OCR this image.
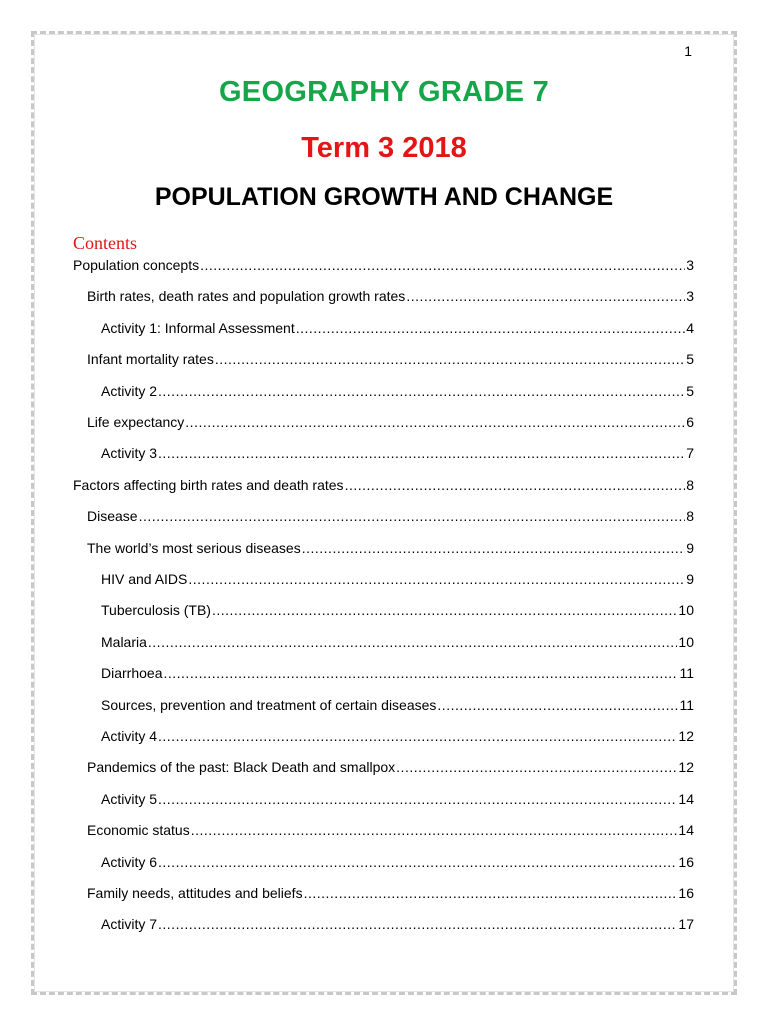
1
GEOGRAPHY GRADE 7
Term 3 2018
POPULATION GROWTH AND CHANGE
Contents
Population concepts .....	3
Birth rates, death rates and population growth rates .....	3
Activity 1: Informal Assessment .....	4
Infant mortality rates .....	5
Activity 2 .....	5
Life expectancy .....	6
Activity 3 .....	7
Factors affecting birth rates and death rates .....	8
Disease .....	8
The world’s most serious diseases .....	9
HIV and AIDS .....	9
Tuberculosis (TB) .....	10
Malaria .....	10
Diarrhoea .....	11
Sources, prevention and treatment of certain diseases .....	11
Activity 4 .....	12
Pandemics of the past: Black Death and smallpox .....	12
Activity 5 .....	14
Economic status .....	14
Activity 6 .....	16
Family needs, attitudes and beliefs .....	16
Activity 7 .....	17
